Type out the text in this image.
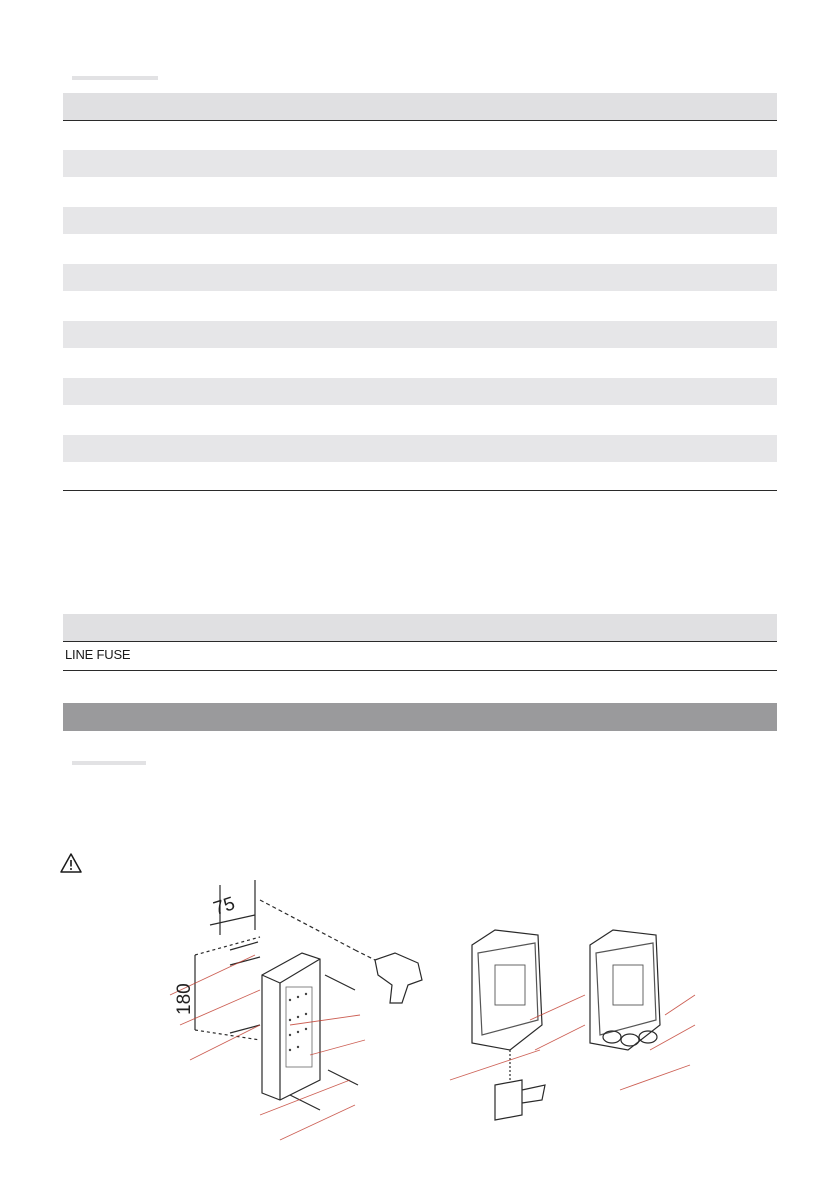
LINE FUSE
75
180
